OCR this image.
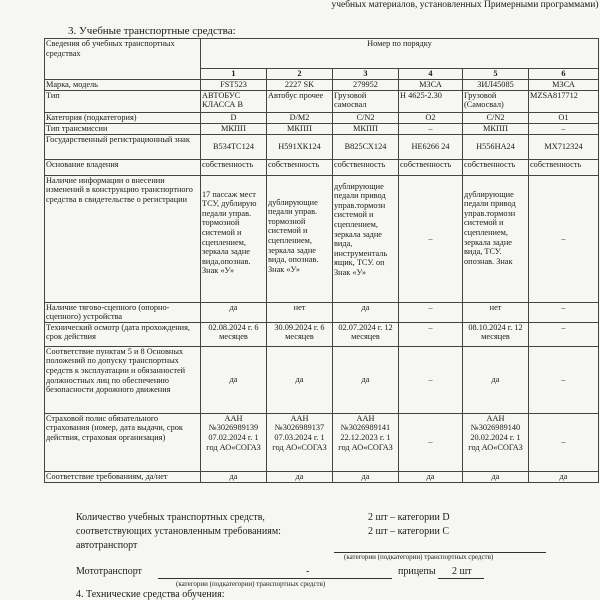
учебных материалов, установленных Примерными программами)
3. Учебные транспортные средства:
Сведения об учебных транспортных средствах	Номер по порядку					
	1	2	3	4	5	6
Марка, модель	FST523	2227 SK	279952	МЗСА	ЗИЛ45085	МЗСА
Тип	АВТОБУС КЛАССА В	Автобус прочее	Грузовой самосвал	Н 4625-2.30	Грузовой (Самосвал)	MZSA817712
Категория (подкатегория)	D	D/M2	C/N2	O2	C/N2	O1
Тип трансмиссии	МКПП	МКПП	МКПП	–	МКПП	–
Государственный регистрационный знак	В534ТС124	Н591ХК124	В825СХ124	НЕ6266 24	Н556НА24	МХ712324
Основание владения	собственность	собственность	собственность	собственность	собственность	собственность
Наличие информации о внесении изменений в конструкцию транспортного средства в свидетельстве о регистрации	17 пассаж мест ТСУ, дублирую педали управ. тормозной системой и сцеплением, зеркала задне вида,опознав. Знак «У»	дублирующие педали управ. тормозной системой и сцеплением, зеркала задне вида, опознав. Знак «У»	дублирующие педали привод управ.тормозн системой и сцеплением, зеркала задне вида, инструменталь ящик, ТСУ. оп Знак «У»	–	дублирующие педали привод управ.тормозн системой и сцеплением, зеркала задне вида, ТСУ. опознав. Знак	–
Наличие тягово-сцепного (опорно-сцепного) устройства	да	нет	да	–	нет	–
Технический осмотр (дата прохождения, срок действия	02.08.2024 г. 6 месяцев	30.09.2024 г. 6 месяцев	02.07.2024 г. 12 месяцев	–	08.10.2024 г. 12 месяцев	–
Соответствие пунктам 5 и 8 Основных положений по допуску транспортных средств к эксплуатации и обязанностей должностных лиц по обеспечению безопасности дорожного движения	да	да	да	–	да	–
Страховой полис обязательного страхования (номер, дата выдачи, срок действия, страховая организация)	ААН №3026989139 07.02.2024 г. 1 год АО«СОГАЗ	ААН №3026989137 07.03.2024 г. 1 год АО«СОГАЗ	ААН №3026989141 22.12.2023 г. 1 год АО«СОГАЗ	–	ААН №3026989140 20.02.2024 г. 1 год АО«СОГАЗ	–
Соответствие требованиям, да/нет	да	да	да	да	да	да
Количество учебных транспортных средств,
соответствующих установленным требованиям:
автотранспорт
2 шт – категории D
2 шт – категории С
(категории (подкатегории) транспортных средств)
Мототранспорт	-	прицепы 2 шт
(категории (подкатегории) транспортных средств)
4. Технические средства обучения:
